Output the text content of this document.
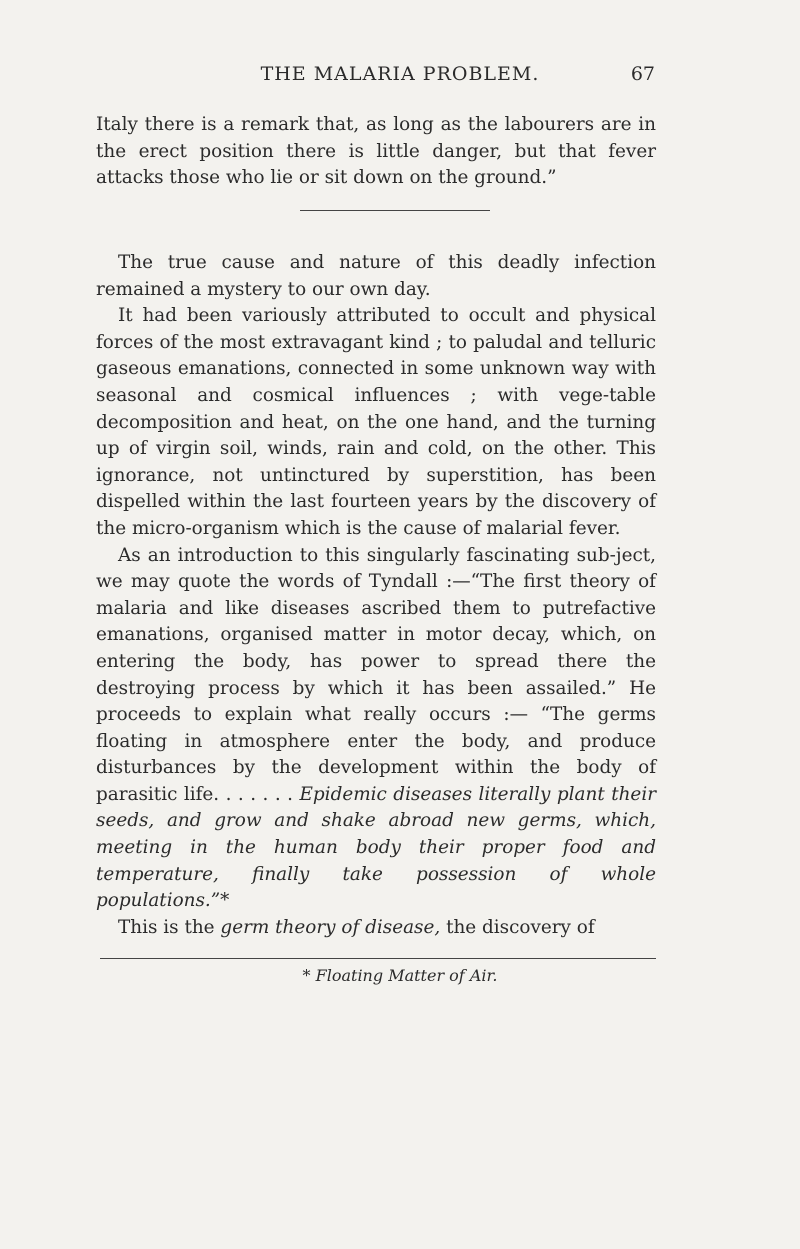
THE MALARIA PROBLEM.	67

Italy there is a remark that, as long as the labourers are in the erect position there is little danger, but that fever attacks those who lie or sit down on the ground.”

The true cause and nature of this deadly infection remained a mystery to our own day.

It had been variously attributed to occult and physical forces of the most extravagant kind ; to paludal and telluric gaseous emanations, connected in some unknown way with seasonal and cosmical influences ; with vege-table decomposition and heat, on the one hand, and the turning up of virgin soil, winds, rain and cold, on the other. This ignorance, not untinctured by superstition, has been dispelled within the last fourteen years by the discovery of the micro-organism which is the cause of malarial fever.

As an introduction to this singularly fascinating sub-ject, we may quote the words of Tyndall :—“The first theory of malaria and like diseases ascribed them to putrefactive emanations, organised matter in motor decay, which, on entering the body, has power to spread there the destroying process by which it has been assailed.” He proceeds to explain what really occurs :— “The germs floating in atmosphere enter the body, and produce disturbances by the development within the body of parasitic life. . . . . . . Epidemic diseases literally plant their seeds, and grow and shake abroad new germs, which, meeting in the human body their proper food and temperature, finally take possession of whole populations.”*

This is the germ theory of disease, the discovery of

* Floating Matter of Air.
